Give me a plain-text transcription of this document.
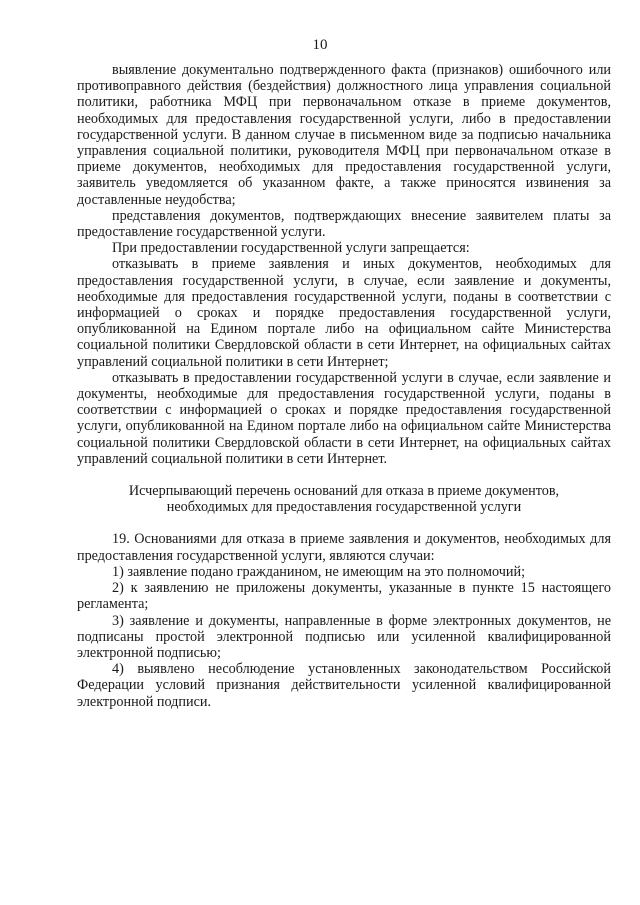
10

выявление документально подтвержденного факта (признаков) ошибочного или противоправного действия (бездействия) должностного лица управления социальной политики, работника МФЦ при первоначальном отказе в приеме документов, необходимых для предоставления государственной услуги, либо в предоставлении государственной услуги. В данном случае в письменном виде за подписью начальника управления социальной политики, руководителя МФЦ при первоначальном отказе в приеме документов, необходимых для предоставления государственной услуги, заявитель уведомляется об указанном факте, а также приносятся извинения за доставленные неудобства;

представления документов, подтверждающих внесение заявителем платы за предоставление государственной услуги.

При предоставлении государственной услуги запрещается:

отказывать в приеме заявления и иных документов, необходимых для предоставления государственной услуги, в случае, если заявление и документы, необходимые для предоставления государственной услуги, поданы в соответствии с информацией о сроках и порядке предоставления государственной услуги, опубликованной на Едином портале либо на официальном сайте Министерства социальной политики Свердловской области в сети Интернет, на официальных сайтах управлений социальной политики в сети Интернет;

отказывать в предоставлении государственной услуги в случае, если заявление и документы, необходимые для предоставления государственной услуги, поданы в соответствии с информацией о сроках и порядке предоставления государственной услуги, опубликованной на Едином портале либо на официальном сайте Министерства социальной политики Свердловской области в сети Интернет, на официальных сайтах управлений социальной политики в сети Интернет.

Исчерпывающий перечень оснований для отказа в приеме документов, необходимых для предоставления государственной услуги

19. Основаниями для отказа в приеме заявления и документов, необходимых для предоставления государственной услуги, являются случаи:

1) заявление подано гражданином, не имеющим на это полномочий;

2) к заявлению не приложены документы, указанные в пункте 15 настоящего регламента;

3) заявление и документы, направленные в форме электронных документов, не подписаны простой электронной подписью или усиленной квалифицированной электронной подписью;

4) выявлено несоблюдение установленных законодательством Российской Федерации условий признания действительности усиленной квалифицированной электронной подписи.
